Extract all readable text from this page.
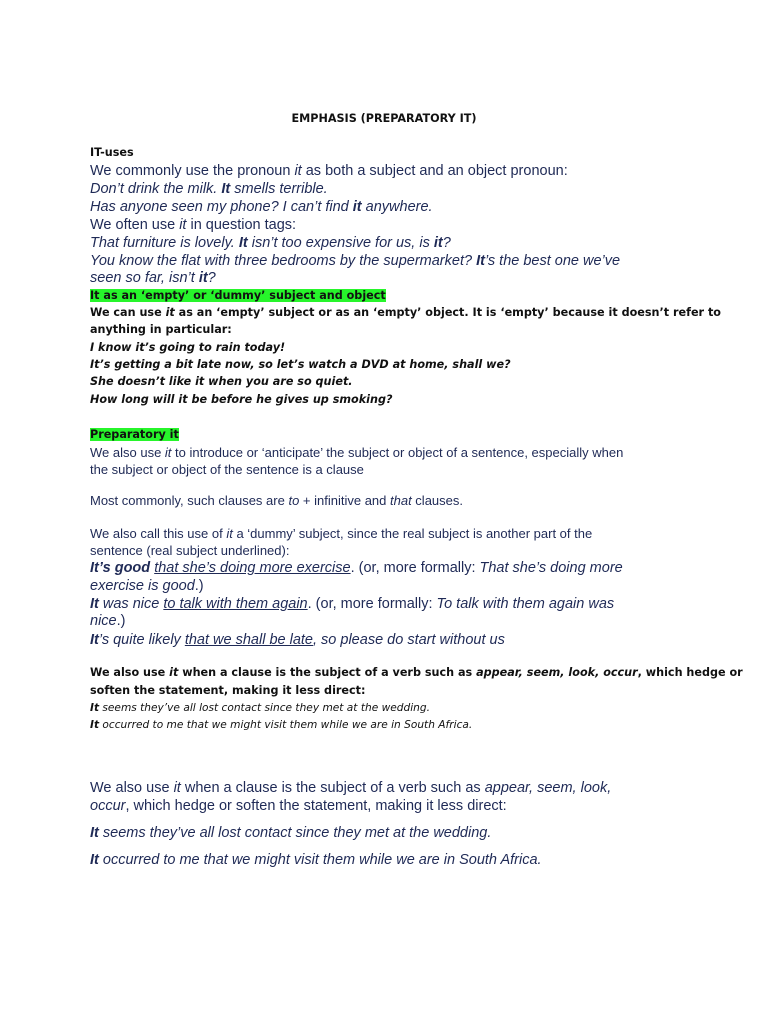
EMPHASIS (PREPARATORY IT)
IT-uses
We commonly use the pronoun it as both a subject and an object pronoun:
Don’t drink the milk. It smells terrible.
Has anyone seen my phone? I can’t find it anywhere.
We often use it in question tags:
That furniture is lovely. It isn’t too expensive for us, is it?
You know the flat with three bedrooms by the supermarket? It’s the best one we’ve
seen so far, isn’t it?
It as an ‘empty’ or ‘dummy’ subject and object
We can use it as an ‘empty’ subject or as an ‘empty’ object. It is ‘empty’ because it doesn’t refer to
anything in particular:
I know it’s going to rain today!
It’s getting a bit late now, so let’s watch a DVD at home, shall we?
She doesn’t like it when you are so quiet.
How long will it be before he gives up smoking?
Preparatory it
We also use it to introduce or ‘anticipate’ the subject or object of a sentence, especially when
the subject or object of the sentence is a clause
Most commonly, such clauses are to + infinitive and that clauses.
We also call this use of it a ‘dummy’ subject, since the real subject is another part of the
sentence (real subject underlined):
It’s good that she’s doing more exercise. (or, more formally: That she’s doing more
exercise is good.)
It was nice to talk with them again. (or, more formally: To talk with them again was
nice.)
It’s quite likely that we shall be late, so please do start without us
We also use it when a clause is the subject of a verb such as appear, seem, look, occur, which hedge or
soften the statement, making it less direct:
It seems they’ve all lost contact since they met at the wedding.
It occurred to me that we might visit them while we are in South Africa.
We also use it when a clause is the subject of a verb such as appear, seem, look,
occur, which hedge or soften the statement, making it less direct:
It seems they’ve all lost contact since they met at the wedding.
It occurred to me that we might visit them while we are in South Africa.
